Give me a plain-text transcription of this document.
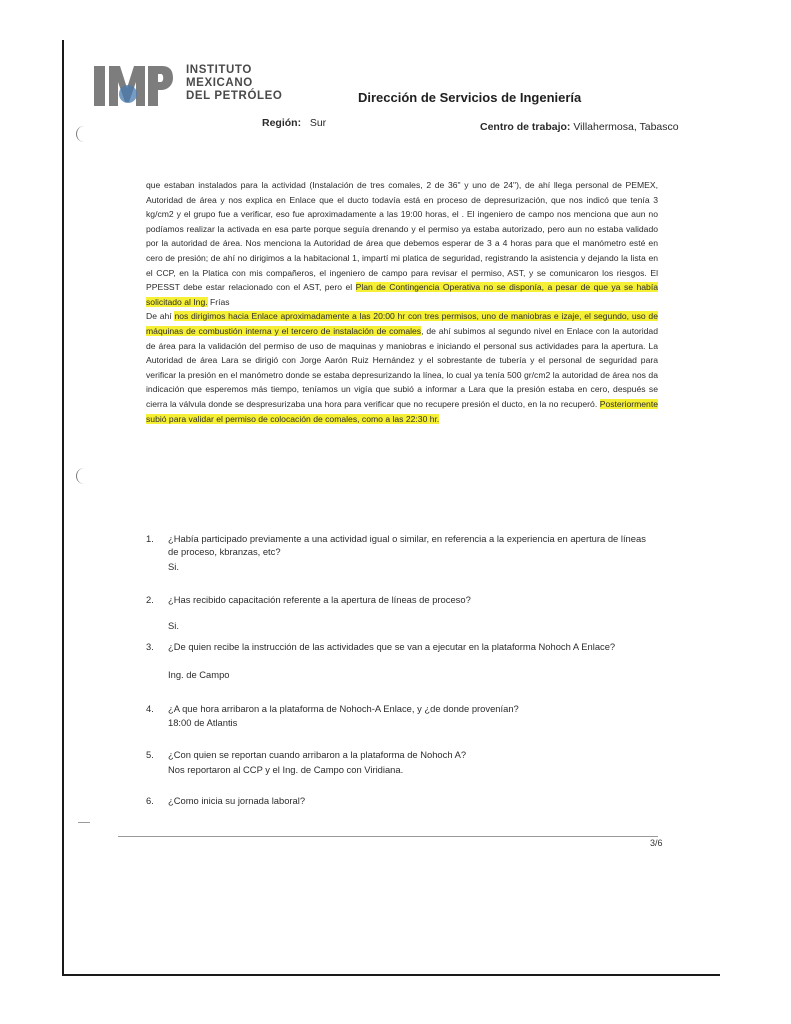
INSTITUTO
MEXICANO
DEL PETRÓLEO	Dirección de Servicios de Ingeniería
Región: Sur	Centro de trabajo: Villahermosa, Tabasco

que estaban instalados para la actividad (Instalación de tres comales, 2 de 36" y uno de 24"), de ahí llega personal de PEMEX, Autoridad de área y nos explica en Enlace que el ducto todavía está en proceso de depresurización, que nos indicó que tenía 3 kg/cm2 y el grupo fue a verificar, eso fue aproximadamente a las 19:00 horas, el . El ingeniero de campo nos menciona que aun no podíamos realizar la activada en esa parte porque seguía drenando y el permiso ya estaba autorizado, pero aun no estaba validado por la autoridad de área. Nos menciona la Autoridad de área que debemos esperar de 3 a 4 horas para que el manómetro esté en cero de presión; de ahí no dirigimos a la habitacional 1, impartí mi platica de seguridad, registrando la asistencia y dejando la lista en el CCP, en la Platica con mis compañeros, el ingeniero de campo para revisar el permiso, AST, y se comunicaron los riesgos. El PPESST debe estar relacionado con el AST, pero el Plan de Contingencia Operativa no se disponía, a pesar de que ya se había solicitado al Ing. Frías

De ahí nos dirigimos hacia Enlace aproximadamente a las 20:00 hr con tres permisos, uno de maniobras e izaje, el segundo, uso de máquinas de combustión interna y el tercero de instalación de comales, de ahí subimos al segundo nivel en Enlace con la autoridad de área para la validación del permiso de uso de maquinas y maniobras e iniciando el personal sus actividades para la apertura. La Autoridad de área Lara se dirigió con Jorge Aarón Ruiz Hernández y el sobrestante de tubería y el personal de seguridad para verificar la presión en el manómetro donde se estaba depresurizando la línea, lo cual ya tenía 500 gr/cm2 la autoridad de área nos da indicación que esperemos más tiempo, teníamos un vigía que subió a informar a Lara que la presión estaba en cero, después se cierra la válvula donde se despresurizaba una hora para verificar que no recupere presión el ducto, en la no recuperó. Posteriormente subió para validar el permiso de colocación de comales, como a las 22:30 hr.

1.	¿Había participado previamente a una actividad igual o similar, en referencia a la experiencia en apertura de líneas de proceso, kbranzas, etc?
Si.
2.	¿Has recibido capacitación referente a la apertura de líneas de proceso?
Si.
3.	¿De quien recibe la instrucción de las actividades que se van a ejecutar en la plataforma Nohoch A Enlace?
Ing. de Campo
4.	¿A que hora arribaron a la plataforma de Nohoch-A Enlace, y ¿de donde provenían?
18:00 de Atlantis
5.	¿Con quien se reportan cuando arribaron a la plataforma de Nohoch A?
Nos reportaron al CCP y el Ing. de Campo con Viridiana.
6.	¿Como inicia su jornada laboral?
3/6
